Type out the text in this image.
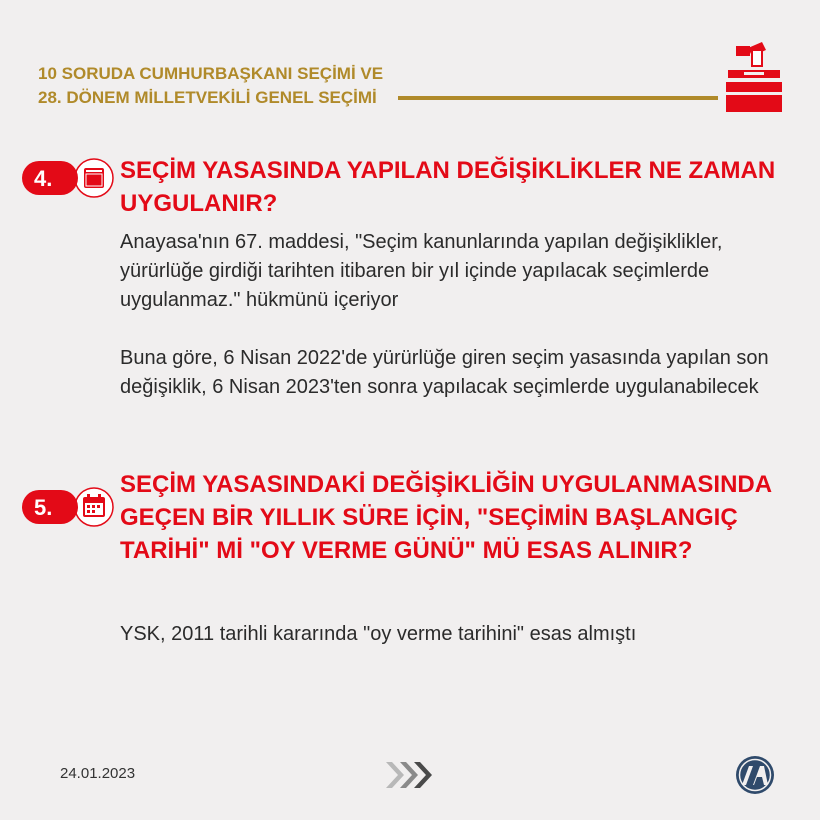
10 SORUDA CUMHURBAŞKANI SEÇİMİ VE
28. DÖNEM MİLLETVEKİLİ GENEL SEÇİMİ
4.	SEÇİM YASASINDA YAPILAN DEĞİŞİKLİKLER NE ZAMAN UYGULANIR?

Anayasa'nın 67. maddesi, "Seçim kanunlarında yapılan değişiklikler, yürürlüğe girdiği tarihten itibaren bir yıl içinde yapılacak seçimlerde uygulanmaz." hükmünü içeriyor

Buna göre, 6 Nisan 2022'de yürürlüğe giren seçim yasasında yapılan son değişiklik, 6 Nisan 2023'ten sonra yapılacak seçimlerde uygulanabilecek

5.
SEÇİM YASASINDAKİ DEĞİŞİKLİĞİN UYGULANMASINDA GEÇEN BİR YILLIK SÜRE İÇİN, "SEÇİMİN BAŞLANGIÇ TARİHİ" Mİ "OY VERME GÜNÜ" MÜ ESAS ALINIR?

YSK, 2011 tarihli kararında "oy verme tarihini" esas almıştı

24.01.2023
